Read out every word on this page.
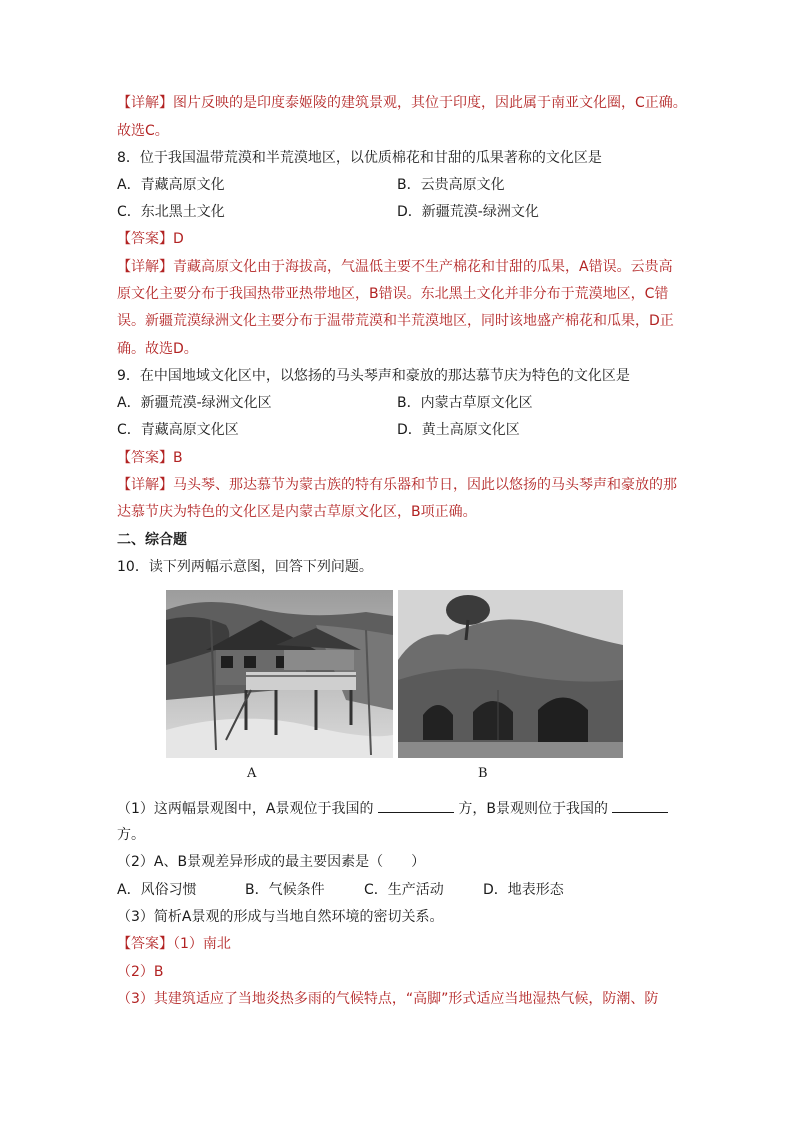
【详解】图片反映的是印度泰姬陵的建筑景观，其位于印度，因此属于南亚文化圈，C正确。
故选C。
8．位于我国温带荒漠和半荒漠地区，以优质棉花和甘甜的瓜果著称的文化区是
A．青藏高原文化	B．云贵高原文化
C．东北黑土文化	D．新疆荒漠-绿洲文化
【答案】D
【详解】青藏高原文化由于海拔高，气温低主要不生产棉花和甘甜的瓜果，A错误。云贵高
原文化主要分布于我国热带亚热带地区，B错误。东北黑土文化并非分布于荒漠地区，C错
误。新疆荒漠绿洲文化主要分布于温带荒漠和半荒漠地区，同时该地盛产棉花和瓜果，D正
确。故选D。
9．在中国地域文化区中，以悠扬的马头琴声和豪放的那达慕节庆为特色的文化区是
A．新疆荒漠-绿洲文化区	B．内蒙古草原文化区
C．青藏高原文化区	D．黄土高原文化区
【答案】B
【详解】马头琴、那达慕节为蒙古族的特有乐器和节日，因此以悠扬的马头琴声和豪放的那
达慕节庆为特色的文化区是内蒙古草原文化区，B项正确。
二、综合题
10．读下列两幅示意图，回答下列问题。
A	B
（1）这两幅景观图中，A景观位于我国的	方，B景观则位于我国的
方。
（2）A、B景观差异形成的最主要因素是（　　）
A．风俗习惯	B．气候条件	C．生产活动	D．地表形态
（3）简析A景观的形成与当地自然环境的密切关系。
【答案】（1）南北
（2）B
（3）其建筑适应了当地炎热多雨的气候特点，“高脚”形式适应当地湿热气候，防潮、防
